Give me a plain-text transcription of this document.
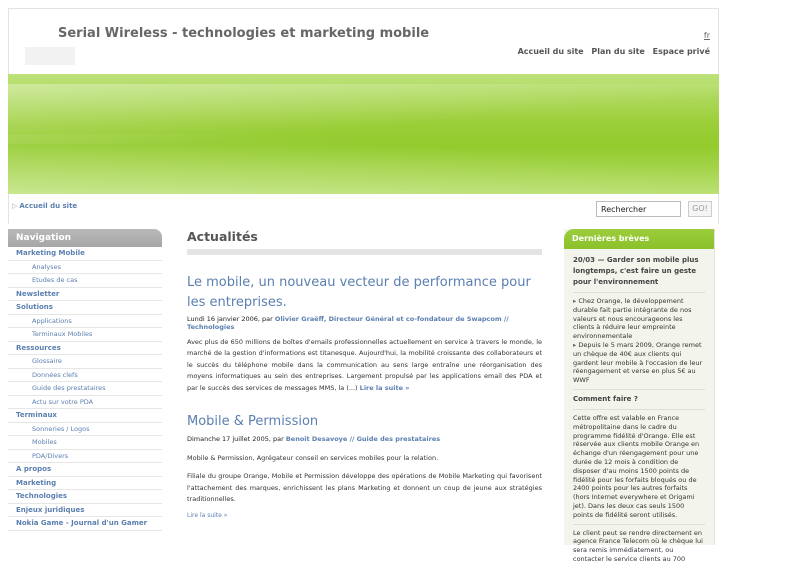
Serial Wireless - technologies et marketing mobile	fr
Accueil du site Plan du site Espace privé
▷ Accueil du site
Rechercher	GO!
Navigation
Marketing Mobile
Analyses
Etudes de cas
Newsletter
Solutions
Applications
Terminaux Mobiles
Ressources
Glossaire
Données clefs
Guide des prestataires
Actu sur votre PDA
Terminaux
Sonneries / Logos
Mobiles
PDA/Divers
A propos
Marketing
Technologies
Enjeux juridiques
Nokia Game - Journal d'un Gamer
Actualités
Le mobile, un nouveau vecteur de performance pour les entreprises.
Lundi 16 janvier 2006, par Olivier Graëff, Directeur Général et co-fondateur de Swapcom // Technologies
Avec plus de 650 millions de boîtes d'emails professionnelles actuellement en service à travers le monde, le marché de la gestion d'informations est titanesque. Aujourd'hui, la mobilité croissante des collaborateurs et le succès du téléphone mobile dans la communication au sens large entraîne une réorganisation des moyens informatiques au sein des entreprises. Largement propulsé par les applications email des PDA et par le succès des services de messages MMS, la (...) Lire la suite »
Mobile & Permission
Dimanche 17 juillet 2005, par Benoit Desavoye // Guide des prestataires
Mobile & Permission, Agrégateur conseil en services mobiles pour la relation.
Filiale du groupe Orange, Mobile et Permission développe des opérations de Mobile Marketing qui favorisent l'attachement des marques, enrichissent les plans Marketing et donnent un coup de jeune aux stratégies traditionnelles.
Lire la suite »
Dernières brèves
20/03 — Garder son mobile plus longtemps, c'est faire un geste pour l'environnement
▸ Chez Orange, le développement durable fait partie intégrante de nos valeurs et nous encourageons les clients à réduire leur empreinte environnementale
▸ Depuis le 5 mars 2009, Orange remet un chèque de 40€ aux clients qui gardent leur mobile à l'occasion de leur réengagement et verse en plus 5€ au WWF
Comment faire ?
Cette offre est valable en France métropolitaine dans le cadre du programme fidélité d'Orange. Elle est réservée aux clients mobile Orange en échange d'un réengagement pour une durée de 12 mois à condition de disposer d'au moins 1500 points de fidélité pour les forfaits bloqués ou de 2400 points pour les autres forfaits (hors Internet everywhere et Origami jet). Dans les deux cas seuls 1500 points de fidélité seront utilisés.
Le client peut se rendre directement en agence France Telecom où le chèque lui sera remis immédiatement, ou contacter le service clients au 700
